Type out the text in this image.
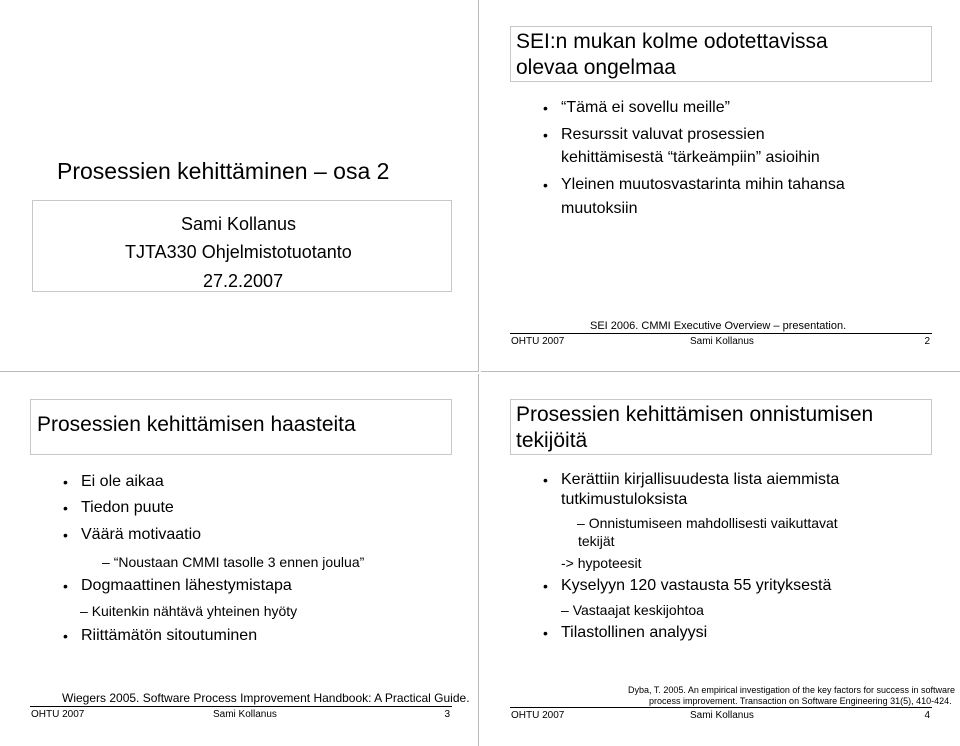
Prosessien kehittäminen – osa 2
Sami Kollanus
TJTA330 Ohjelmistotuotanto
27.2.2007
SEI:n mukan kolme odotettavissa
olevaa ongelmaa
• “Tämä ei sovellu meille”
• Resurssit valuvat prosessien
kehittämisestä “tärkeämpiin” asioihin
• Yleinen muutosvastarinta mihin tahansa
muutoksiin
SEI 2006. CMMI Executive Overview – presentation.
OHTU 2007	Sami Kollanus	2
Prosessien kehittämisen haasteita
• Ei ole aikaa
• Tiedon puute
• Väärä motivaatio
– “Noustaan CMMI tasolle 3 ennen joulua”
• Dogmaattinen lähestymistapa
– Kuitenkin nähtävä yhteinen hyöty
• Riittämätön sitoutuminen
Wiegers 2005. Software Process Improvement Handbook: A Practical Guide.
OHTU 2007	Sami Kollanus	3
Prosessien kehittämisen onnistumisen
tekijöitä
• Kerättiin kirjallisuudesta lista aiemmista
tutkimustuloksista
– Onnistumiseen mahdollisesti vaikuttavat
tekijät
-> hypoteesit
• Kyselyyn 120 vastausta 55 yrityksestä
– Vastaajat keskijohtoa
• Tilastollinen analyysi
Dyba, T. 2005. An empirical investigation of the key factors for success in software
process improvement. Transaction on Software Engineering 31(5), 410-424.
OHTU 2007	Sami Kollanus	4
